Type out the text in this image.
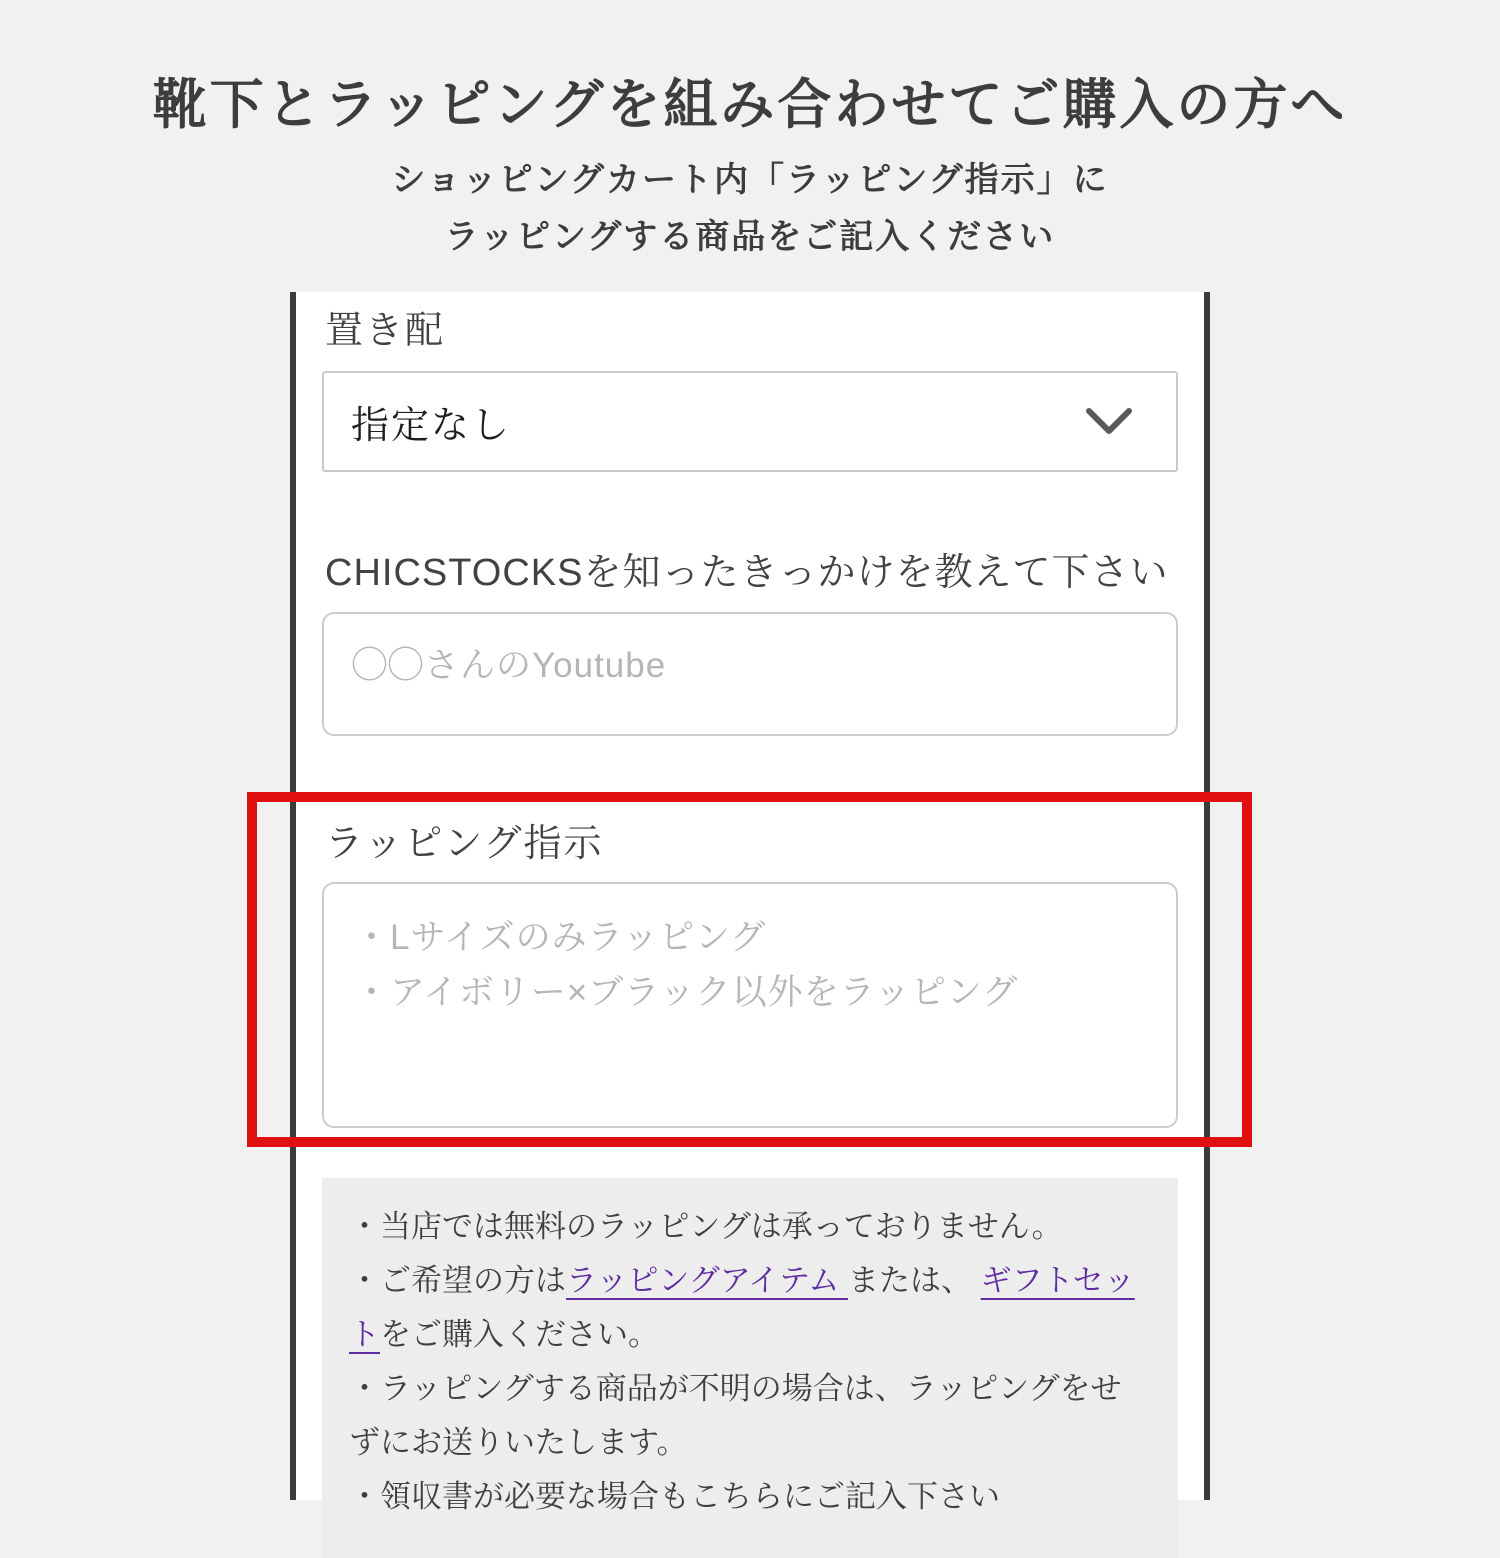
靴下とラッピングを組み合わせてご購入の方へ
ショッピングカート内「ラッピング指示」に
ラッピングする商品をご記入ください
置き配
指定なし
CHICSTOCKSを知ったきっかけを教えて下さい
◯◯さんのYoutube
ラッピング指示
・Lサイズのみラッピング
・アイボリー×ブラック以外をラッピング
・当店では無料のラッピングは承っておりません。
・ご希望の方はラッピングアイテム または、 ギフトセッ
トをご購入ください。
・ラッピングする商品が不明の場合は、ラッピングをせ
ずにお送りいたします。
・領収書が必要な場合もこちらにご記入下さい
